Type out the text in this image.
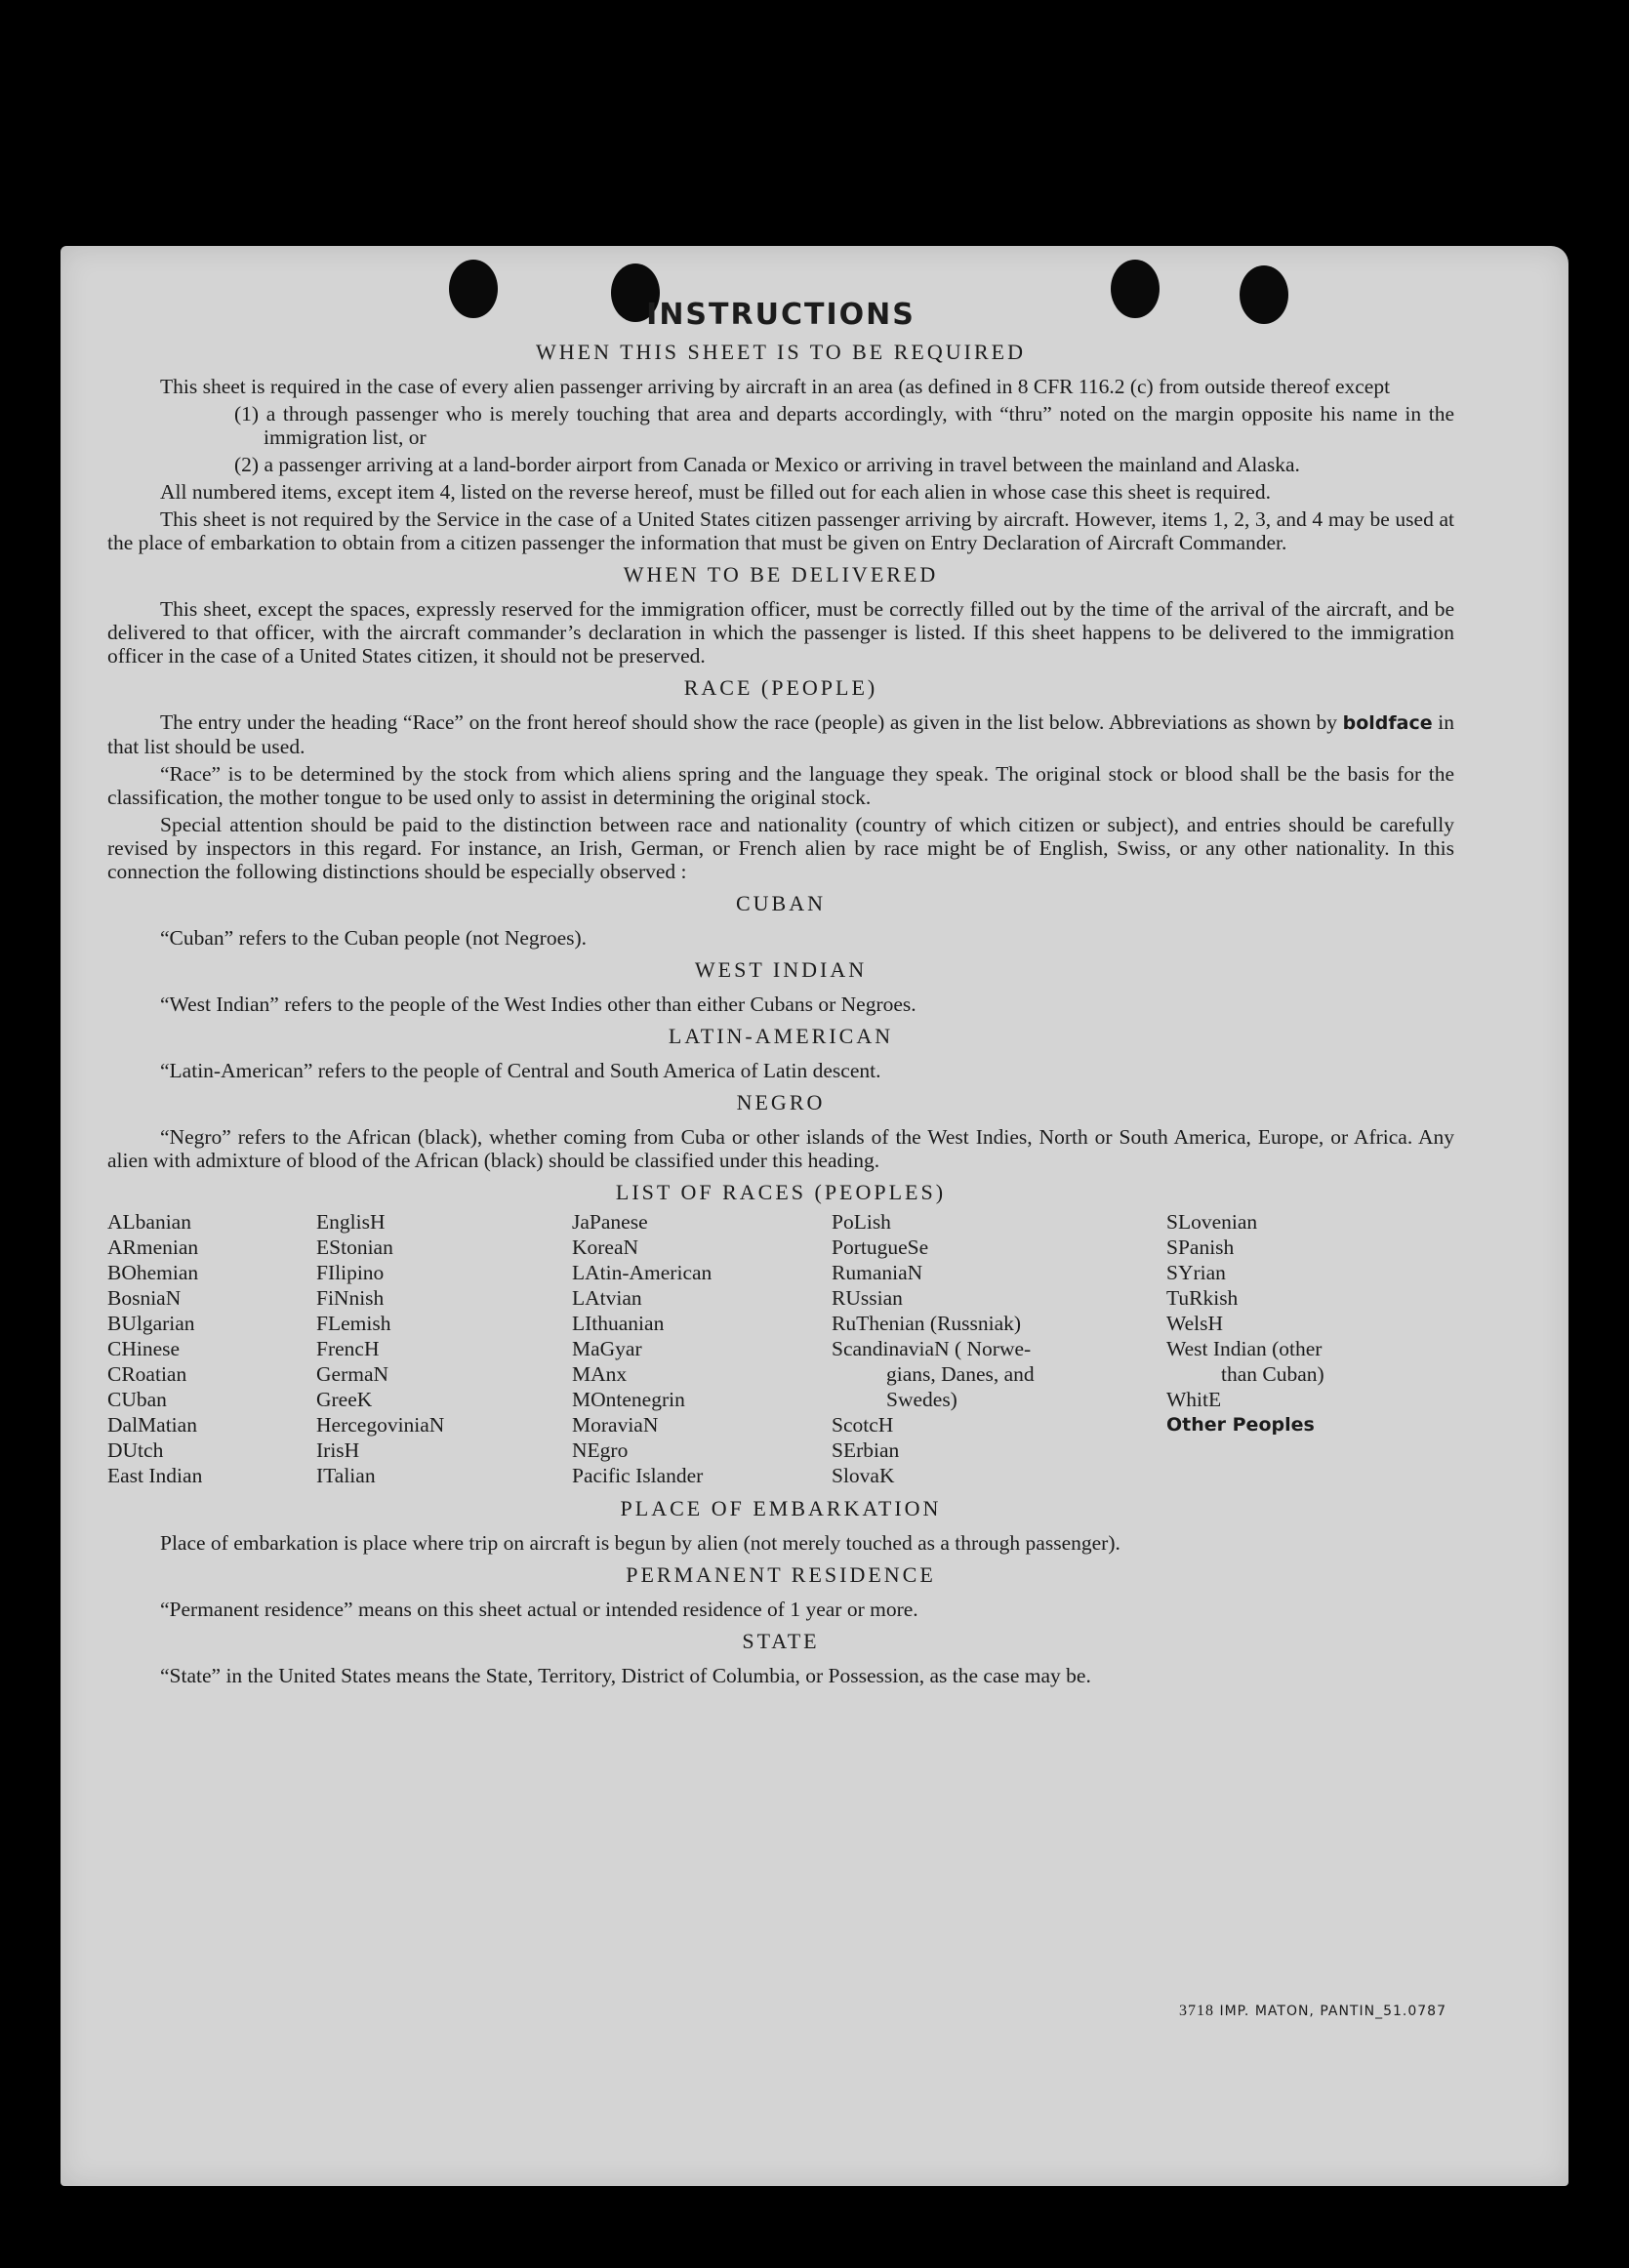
INSTRUCTIONS
WHEN THIS SHEET IS TO BE REQUIRED

This sheet is required in the case of every alien passenger arriving by aircraft in an area (as defined in 8 CFR 116.2 (c) from outside thereof except

(1) a through passenger who is merely touching that area and departs accordingly, with “thru” noted on the margin opposite his name in the immigration list, or
(2) a passenger arriving at a land-border airport from Canada or Mexico or arriving in travel between the mainland and Alaska.

All numbered items, except item 4, listed on the reverse hereof, must be filled out for each alien in whose case this sheet is required.

This sheet is not required by the Service in the case of a United States citizen passenger arriving by aircraft. However, items 1, 2, 3, and 4 may be used at the place of embarkation to obtain from a citizen passenger the information that must be given on Entry Declaration of Aircraft Commander.

WHEN TO BE DELIVERED

This sheet, except the spaces, expressly reserved for the immigration officer, must be correctly filled out by the time of the arrival of the aircraft, and be delivered to that officer, with the aircraft commander’s declaration in which the passenger is listed. If this sheet happens to be delivered to the immigration officer in the case of a United States citizen, it should not be preserved.

RACE (PEOPLE)

The entry under the heading “Race” on the front hereof should show the race (people) as given in the list below. Abbreviations as shown by boldface in that list should be used.

“Race” is to be determined by the stock from which aliens spring and the language they speak. The original stock or blood shall be the basis for the classification, the mother tongue to be used only to assist in determining the original stock.

Special attention should be paid to the distinction between race and nationality (country of which citizen or subject), and entries should be carefully revised by inspectors in this regard. For instance, an Irish, German, or French alien by race might be of English, Swiss, or any other nationality. In this connection the following distinctions should be especially observed :

CUBAN

“Cuban” refers to the Cuban people (not Negroes).

WEST INDIAN

“West Indian” refers to the people of the West Indies other than either Cubans or Negroes.

LATIN-AMERICAN

“Latin-American” refers to the people of Central and South America of Latin descent.

NEGRO

“Negro” refers to the African (black), whether coming from Cuba or other islands of the West Indies, North or South America, Europe, or Africa. Any alien with admixture of blood of the African (black) should be classified under this heading.

LIST OF RACES (PEOPLES)
ALbanian
ARmenian
BOhemian
BosniaN
BUlgarian
CHinese
CRoatian
CUban
DalMatian
DUtch
East Indian
EnglisH
EStonian
FIlipino
FiNnish
FLemish
FrencH
GermaN
GreeK
HercegoviniaN
IrisH
ITalian
JaPanese
KoreaN
LAtin-American
LAtvian
LIthuanian
MaGyar
MAnx
MOntenegrin
MoraviaN
NEgro
Pacific Islander
PoLish
PortugueSe
RumaniaN
RUssian
RuThenian (Russniak)
ScandinaviaN ( Norwe-
gians, Danes, and
Swedes)
ScotcH
SErbian
SlovaK
SLovenian
SPanish
SYrian
TuRkish
WelsH
West Indian (other
than Cuban)
WhitE
Other Peoples
PLACE OF EMBARKATION

Place of embarkation is place where trip on aircraft is begun by alien (not merely touched as a through passenger).

PERMANENT RESIDENCE

“Permanent residence” means on this sheet actual or intended residence of 1 year or more.

STATE

“State” in the United States means the State, Territory, District of Columbia, or Possession, as the case may be.

3718 IMP. MATON, PANTIN_51.0787
